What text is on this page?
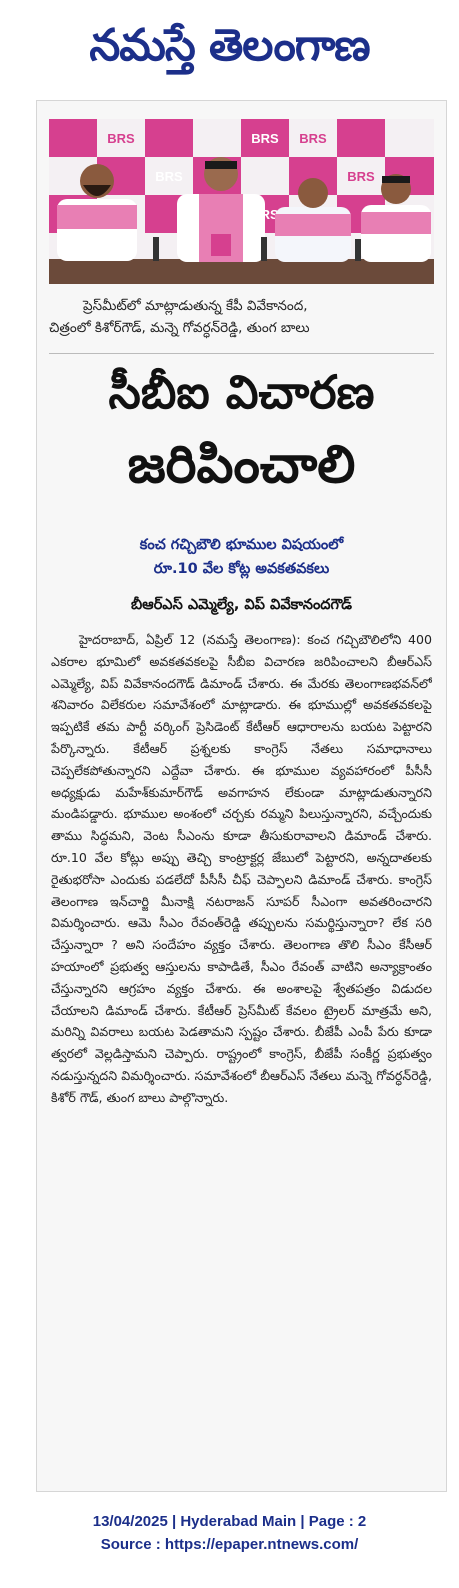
నమస్తే తెలంగాణ
BRS
BRS
BRS BRS
BRS
ప్రెస్‌మీట్‌లో మాట్లాడుతున్న కేపీ వివేకానంద,
చిత్రంలో కిశోర్‌గౌడ్, మన్నె గోవర్ధన్‌రెడ్డి, తుంగ బాలు
సీబీఐ విచారణ
జరిపించాలి
కంచ గచ్చిబౌలి భూముల విషయంలో
రూ.10 వేల కోట్ల అవకతవకలు
బీఆర్‌ఎస్ ఎమ్మెల్యే, విప్ వివేకానందగౌడ్
హైదరాబాద్, ఏప్రిల్ 12 (నమస్తే తెలంగాణ): కంచ గచ్చిబౌలిలోని 400 ఎకరాల భూమిలో అవకతవకలపై సీబీఐ విచారణ జరిపించాలని బీఆర్‌ఎస్ ఎమ్మెల్యే, విప్ వివేకానందగౌడ్ డిమాండ్ చేశారు. ఈ మేరకు తెలంగాణభవన్‌లో శనివారం విలేకరుల సమావేశంలో మాట్లాడారు. ఈ భూముల్లో అవకతవకలపై ఇప్పటికే తమ పార్టీ వర్కింగ్ ప్రెసిడెంట్ కేటీఆర్ ఆధారాలను బయట పెట్టారని పేర్కొన్నారు. కేటీఆర్ ప్రశ్నలకు కాంగ్రెస్ నేతలు సమాధానాలు చెప్పలేకపోతున్నారని ఎద్దేవా చేశారు. ఈ భూముల వ్యవహారంలో పీసీసీ అధ్యక్షుడు మహేశ్‌కుమార్‌గౌడ్ అవగాహన లేకుండా మాట్లాడుతున్నారని మండిపడ్డారు. భూముల అంశంలో చర్చకు రమ్మని పిలుస్తున్నారని, వచ్చేందుకు తాము సిద్ధమని, వెంట సీఎంను కూడా తీసుకురావాలని డిమాండ్ చేశారు. రూ.10 వేల కోట్లు అప్పు తెచ్చి కాంట్రాక్టర్ల జేబులో పెట్టారని, అన్నదాతలకు రైతుభరోసా ఎందుకు పడలేదో పీసీసీ చీఫ్ చెప్పాలని డిమాండ్ చేశారు. కాంగ్రెస్ తెలంగాణ ఇన్‌చార్జి మీనాక్షి నటరాజన్ సూపర్ సీఎంగా అవతరించారని విమర్శించారు. ఆమె సీఎం రేవంత్‌రెడ్డి తప్పులను సమర్థిస్తున్నారా? లేక సరి చేస్తున్నారా ? అని సందేహం వ్యక్తం చేశారు. తెలంగాణ తొలి సీఎం కేసీఆర్ హయాంలో ప్రభుత్వ ఆస్తులను కాపాడితే, సీఎం రేవంత్ వాటిని అన్యాక్రాంతం చేస్తున్నారని ఆగ్రహం వ్యక్తం చేశారు. ఈ అంశాలపై శ్వేతపత్రం విడుదల చేయాలని డిమాండ్ చేశారు. కేటీఆర్ ప్రెస్‌మీట్ కేవలం ట్రైలర్ మాత్రమే అని, మరిన్ని వివరాలు బయట పెడతామని స్పష్టం చేశారు. బీజేపీ ఎంపీ పేరు కూడా త్వరలో వెల్లడిస్తామని చెప్పారు. రాష్ట్రంలో కాంగ్రెస్, బీజేపీ సంకీర్ణ ప్రభుత్వం నడుస్తున్నదని విమర్శించారు. సమావేశంలో బీఆర్‌ఎస్ నేతలు మన్నె గోవర్ధన్‌రెడ్డి, కిశోర్ గౌడ్, తుంగ బాలు పాల్గొన్నారు.
13/04/2025 | Hyderabad Main | Page : 2
Source : https://epaper.ntnews.com/
